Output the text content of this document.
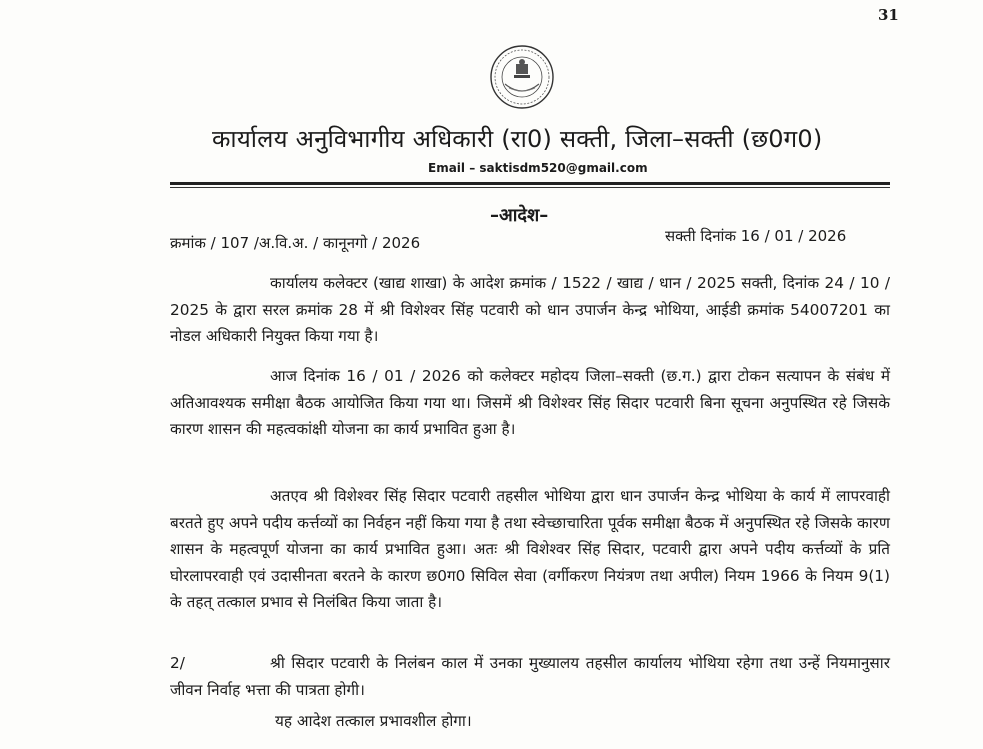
31
कार्यालय अनुविभागीय अधिकारी (रा0) सक्ती, जिला–सक्ती (छ0ग0)
Email – saktisdm520@gmail.com
–आदेश–
क्रमांक / 107 /अ.वि.अ. / कानूनगो / 2026	सक्ती दिनांक 16 / 01 / 2026
कार्यालय कलेक्टर (खाद्य शाखा) के आदेश क्रमांक / 1522 / खाद्य / धान / 2025 सक्ती, दिनांक 24 / 10 / 2025 के द्वारा सरल क्रमांक 28 में श्री विशेश्वर सिंह पटवारी को धान उपार्जन केन्द्र भोथिया, आईडी क्रमांक 54007201 का नोडल अधिकारी नियुक्त किया गया है।
आज दिनांक 16 / 01 / 2026 को कलेक्टर महोदय जिला–सक्ती (छ.ग.) द्वारा टोकन सत्यापन के संबंध में अतिआवश्यक समीक्षा बैठक आयोजित किया गया था। जिसमें श्री विशेश्वर सिंह सिदार पटवारी बिना सूचना अनुपस्थित रहे जिसके कारण शासन की महत्वकांक्षी योजना का कार्य प्रभावित हुआ है।
अतएव श्री विशेश्वर सिंह सिदार पटवारी तहसील भोथिया द्वारा धान उपार्जन केन्द्र भोथिया के कार्य में लापरवाही बरतते हुए अपने पदीय कर्त्तव्यों का निर्वहन नहीं किया गया है तथा स्वेच्छाचारिता पूर्वक समीक्षा बैठक में अनुपस्थित रहे जिसके कारण शासन के महत्वपूर्ण योजना का कार्य प्रभावित हुआ। अतः श्री विशेश्वर सिंह सिदार, पटवारी द्वारा अपने पदीय कर्त्तव्यों के प्रति घोरलापरवाही एवं उदासीनता बरतने के कारण छ0ग0 सिविल सेवा (वर्गीकरण नियंत्रण तथा अपील) नियम 1966 के नियम 9(1) के तहत् तत्काल प्रभाव से निलंबित किया जाता है।
2/	श्री सिदार पटवारी के निलंबन काल में उनका मुख्यालय तहसील कार्यालय भोथिया रहेगा तथा उन्हें नियमानुसार जीवन निर्वाह भत्ता की पात्रता होगी।
यह आदेश तत्काल प्रभावशील होगा।
